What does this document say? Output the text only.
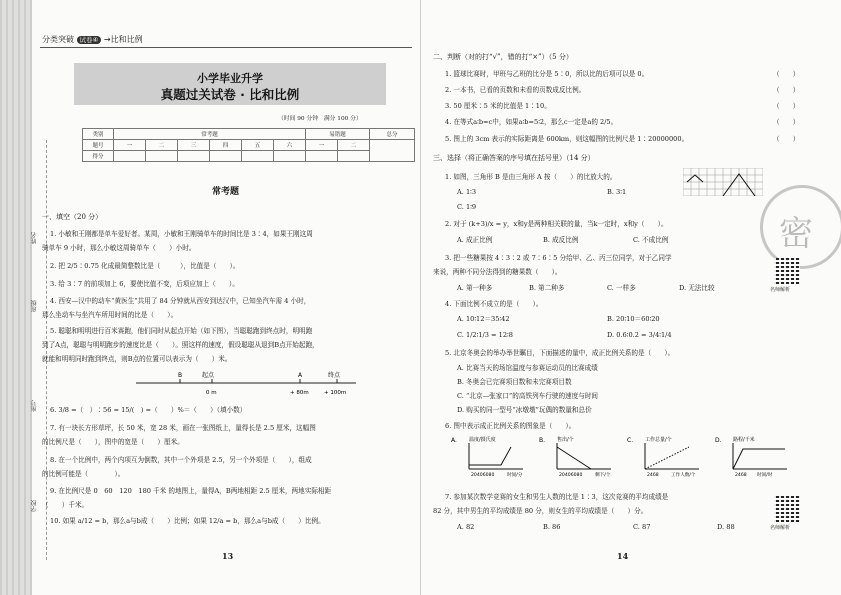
姓名
班级
座号
学校
分类突破 试卷④ →比和比例
小学毕业升学
真题过关试卷 · 比和比例
（时间 90 分钟　满分 100 分）
类别	常考题						易错题		总分
题号	一	二	三	四	五	六	一	二	
得分									
常考题
一、填空（20 分）
1. 小敏和王刚都是单车爱好者。某周，小敏和王刚骑单车的时间比是 3∶4，如果王刚这周
骑单车 9 小时，那么小敏这周骑单车（　　）小时。
2. 把 2/5∶0.75 化成最简整数比是（　　　），比值是（　　）。
3. 给 3∶7 的前项加上 6，要使比值不变，后项应加上（　　）。
4. 西安—汉中的动车“黄医生”共用了 84 分钟就从西安到达汉中，已知坐汽车需 4 小时，
那么坐动车与坐汽车所用时间的比是（　　）。
5. 聪聪和明明进行百米赛跑，他们同时从起点开始（如下图），当聪聪跑到终点时，明明跑
到了A点，聪聪与明明跑步的速度比是（　　）。照这样的速度，假设聪聪从退到B点开始起跑，
就能和明明同时跑到终点，则B点的位置可以表示为（　　）米。
B	起点	A	终点
0 m	+ 80m	+ 100m
6. 3/8 =（　）∶56 = 15/(　) =（　　）%＝（　　）（填小数）
7. 有一块长方形草坪，长 50 米，宽 28 米，画在一张图纸上，量得长是 2.5 厘米，这幅图
的比例尺是（　　），图中的宽是（　　）厘米。
8. 在一个比例中，两个内项互为倒数，其中一个外项是 2.5，另一个外项是（　　），组成
的比例可能是（　　　　）。
9. 在比例尺是 0　60　120　180 千米 的地图上，量得A，B两地相距 2.5 厘米，两地实际相距
（　　）千米。
10. 如果 a/12 = b，那么a与b成（　　）比例；如果 12/a = b，那么a与b成（　　）比例。
13
二、判断（对的打“√”，错的打“×”）（5 分）
1. 篮球比赛时，甲班与乙班的比分是 5∶0，所以比的后项可以是 0。	（　　）
2. 一本书，已看的页数和未看的页数成反比例。	（　　）
3. 50 厘米∶5 米的比值是 1∶10。	（　　）
4. 在等式a∶b=c中，如果a∶b=5∶2，那么c一定是a的 2/5。	（　　）
5. 图上的 3cm 表示的实际距离是 600km，则这幅图的比例尺是 1∶20000000。	（　　）
三、选择（将正确答案的序号填在括号里）（14 分）
1. 如图，三角形 B 是由三角形 A 按（　　）的比放大的。
A. 1∶3	B. 3∶1
C. 1∶9
2. 对于 (k+3)/x = y，x和y是两种相关联的量，当k一定时，x和y（　　）。
A. 成正比例	B. 成反比例	C. 不成比例
3. 把一些糖果按 4∶3∶2 或 7∶6∶5 分给甲、乙、丙三位同学，对于乙同学
来说，两种不同分法得到的糖果数（　　）。
A. 第一种多	B. 第二种多	C. 一样多	D. 无法比较
4. 下面比例不成立的是（　　）。
A. 10∶12＝35∶42	B. 20∶10＝60∶20
C. 1/2∶1/3 = 12∶8	D. 0.6∶0.2 = 3/4∶1/4
5. 北京冬奥会的举办举世瞩目，下面描述的量中，成正比例关系的是（　　）。
A. 比赛当天的场馆温度与参赛运动员的比赛成绩
B. 冬奥会已完赛项目数和未完赛项目数
C. “北京—张家口”的高铁列车行驶的速度与时间
D. 购买的同一型号“冰墩墩”玩偶的数量和总价
6. 图中表示成正比例关系的图象是（　　）。
A. 温度/摄氏度
20406080	时间/分
B. 售出/个
20406080	剩下/个
C. 工作总量/个
2468	工作人数/个
D. 路程/千米
2468 时间/时
7. 参加某次数学竞赛的女生和男生人数的比是 1∶3，这次竞赛的平均成绩是
82 分，其中男生的平均成绩是 80 分，则女生的平均成绩是（　　）分。
A. 82	B. 86	C. 87	D. 88
14
密
名师解析
名师解析
